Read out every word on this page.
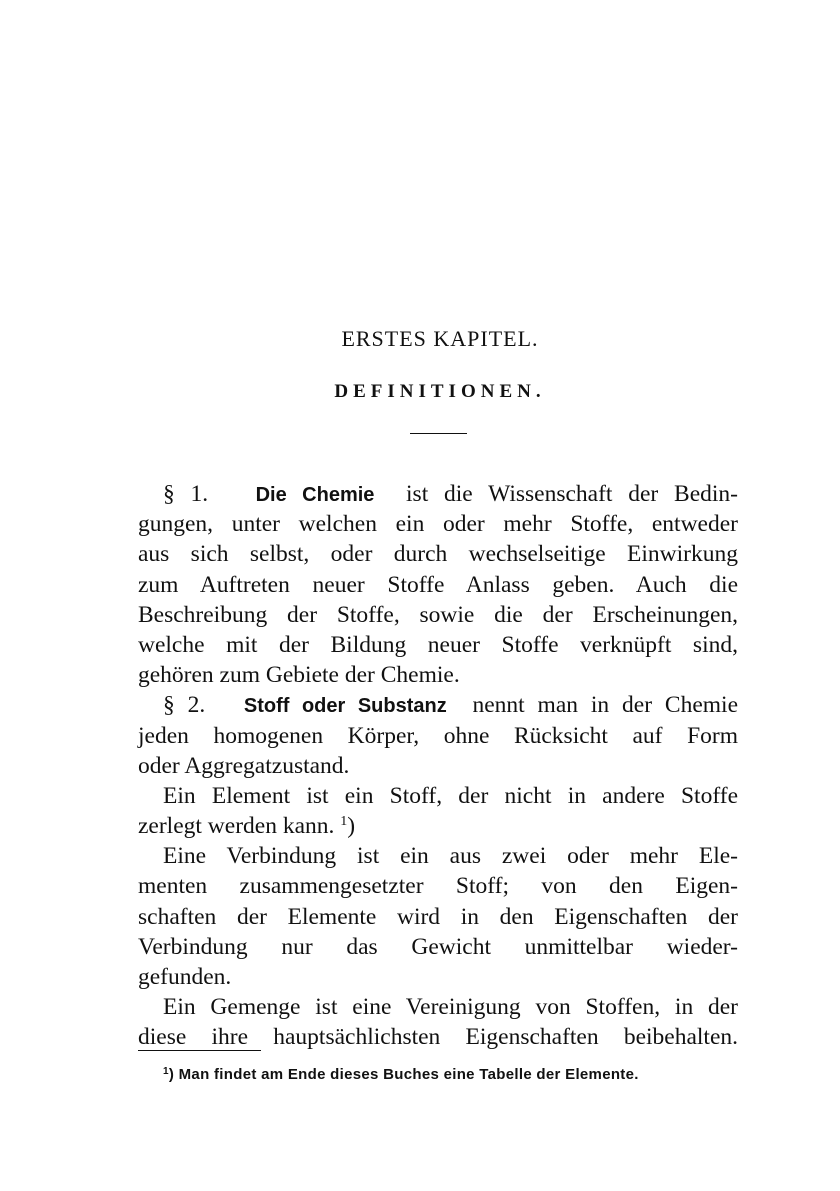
ERSTES KAPITEL.
DEFINITIONEN.
§ 1. Die Chemie ist die Wissenschaft der Bedin-
gungen, unter welchen ein oder mehr Stoffe, entweder
aus sich selbst, oder durch wechselseitige Einwirkung
zum Auftreten neuer Stoffe Anlass geben. Auch die
Beschreibung der Stoffe, sowie die der Erscheinungen,
welche mit der Bildung neuer Stoffe verknüpft sind,
gehören zum Gebiete der Chemie.
§ 2. Stoff oder Substanz nennt man in der Chemie
jeden homogenen Körper, ohne Rücksicht auf Form
oder Aggregatzustand.
Ein Element ist ein Stoff, der nicht in andere Stoffe
zerlegt werden kann. $^1$)
Eine Verbindung ist ein aus zwei oder mehr Ele-
menten zusammengesetzter Stoff; von den Eigen-
schaften der Elemente wird in den Eigenschaften der
Verbindung nur das Gewicht unmittelbar wieder-
gefunden.
Ein Gemenge ist eine Vereinigung von Stoffen, in der
diese ihre hauptsächlichsten Eigenschaften beibehalten.
$^1$) Man findet am Ende dieses Buches eine Tabelle der Elemente.
